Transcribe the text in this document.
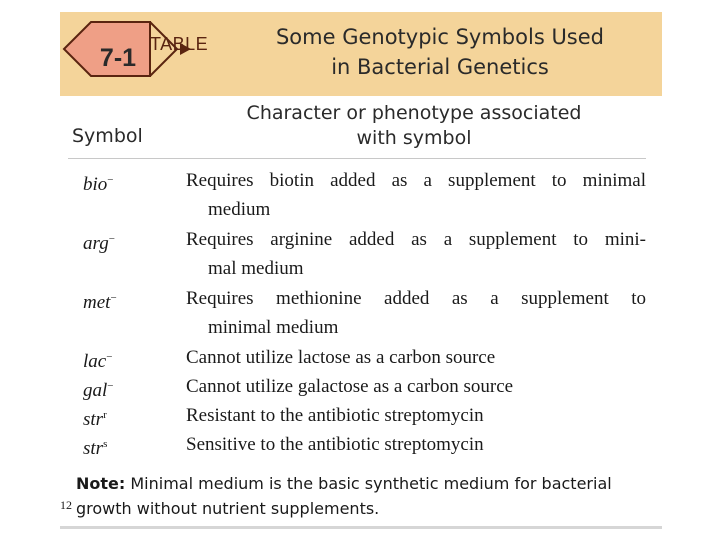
7-1 TABLE	Some Genotypic Symbols Used
in Bacterial Genetics
Symbol
Character or phenotype associated
with symbol
bio−	Requires biotin added as a supplement to minimal
medium
arg−	Requires arginine added as a supplement to mini-
mal medium
met−	Requires methionine added as a supplement to
minimal medium
lac−	Cannot utilize lactose as a carbon source
gal−	Cannot utilize galactose as a carbon source
str$^r$	Resistant to the antibiotic streptomycin
str$^s$	Sensitive to the antibiotic streptomycin
Note: Minimal medium is the basic synthetic medium for bacterial growth without nutrient supplements.
12
